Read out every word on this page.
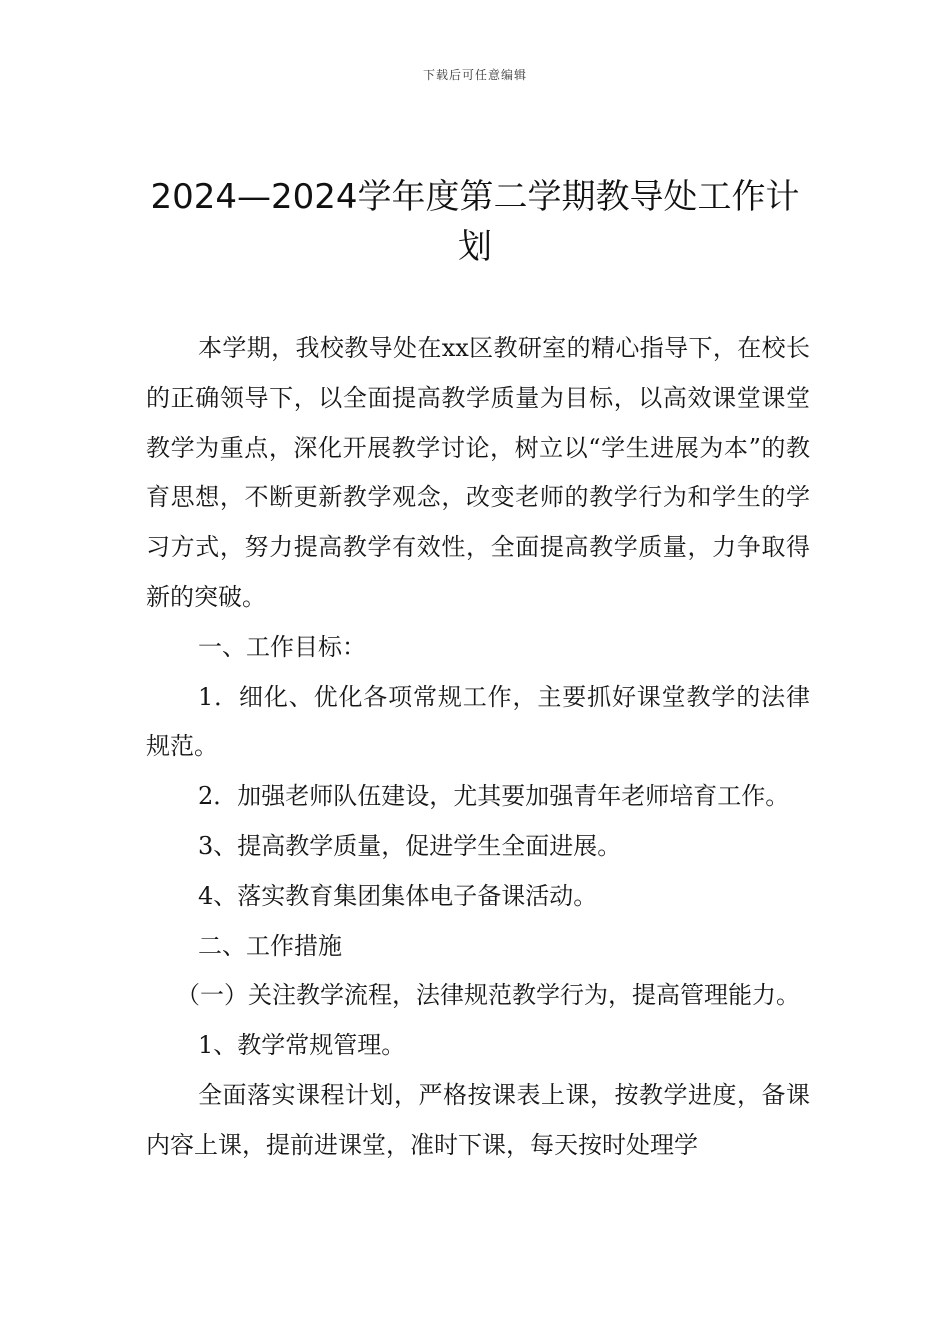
下载后可任意编辑
2024—2024学年度第二学期教导处工作计划

本学期，我校教导处在xx区教研室的精心指导下，在校长的正确领导下，以全面提高教学质量为目标，以高效课堂课堂教学为重点，深化开展教学讨论，树立以“学生进展为本”的教育思想，不断更新教学观念，改变老师的教学行为和学生的学习方式，努力提高教学有效性，全面提高教学质量，力争取得新的突破。

一、工作目标：

1．细化、优化各项常规工作，主要抓好课堂教学的法律规范。

2．加强老师队伍建设，尤其要加强青年老师培育工作。

3、提高教学质量，促进学生全面进展。

4、落实教育集团集体电子备课活动。

二、工作措施

（一）关注教学流程，法律规范教学行为，提高管理能力。

1、教学常规管理。

全面落实课程计划，严格按课表上课，按教学进度，备课内容上课，提前进课堂，准时下课，每天按时处理学
